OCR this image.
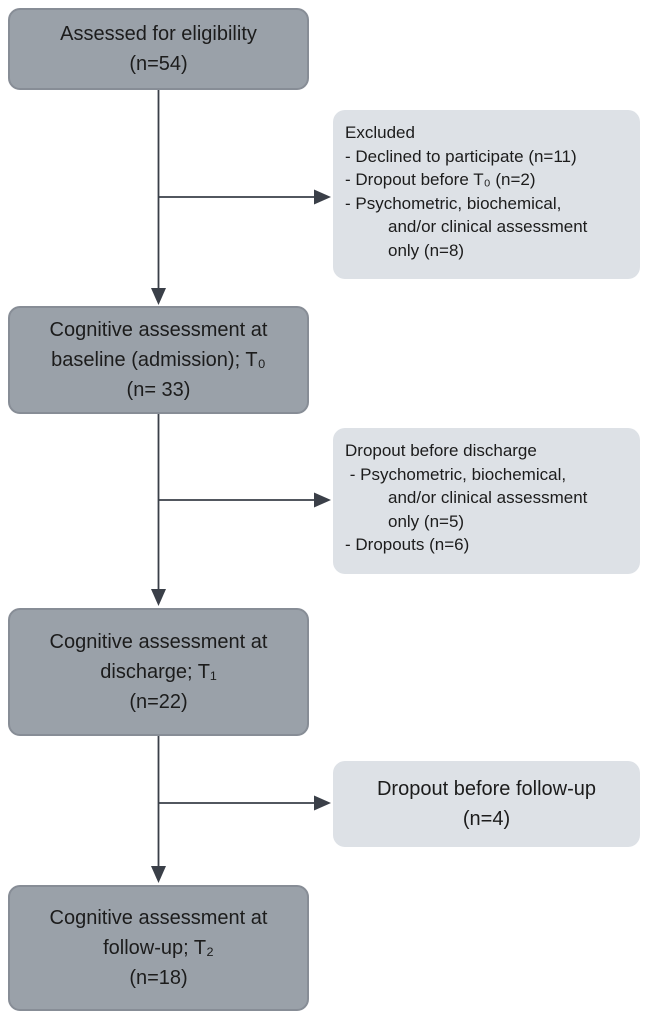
Assessed for eligibility
(n=54)
Excluded
- Declined to participate (n=11)
- Dropout before T₀ (n=2)
- Psychometric, biochemical,
and/or clinical assessment
only (n=8)
Cognitive assessment at
baseline (admission); T₀
(n= 33)
Dropout before discharge
- Psychometric, biochemical,
and/or clinical assessment
only (n=5)
- Dropouts (n=6)
Cognitive assessment at
discharge; T₁
(n=22)
Dropout before follow-up
(n=4)
Cognitive assessment at
follow-up; T₂
(n=18)
